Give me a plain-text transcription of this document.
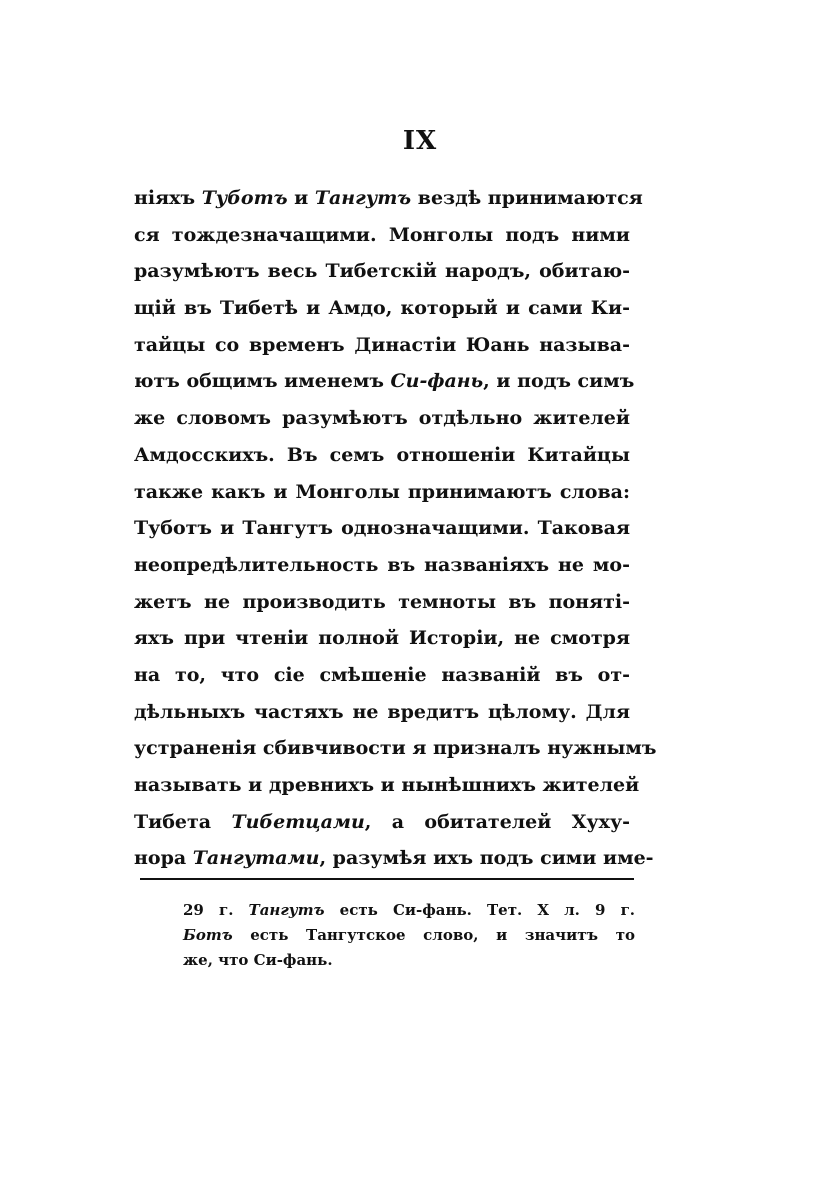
IX
ніяхъ Туботъ и Тангутъ вездѣ принимаются
ся тождезначащими. Монголы подъ ними
разумѣютъ весь Тибетскій народъ, обитаю-
щій въ Тибетѣ и Амдо, который и сами Ки-
тайцы со временъ Династіи Юань называ-
ютъ общимъ именемъ Си-фань, и подъ симъ
же словомъ разумѣютъ отдѣльно жителей
Амдосскихъ. Въ семъ отношеніи Китайцы
также какъ и Монголы принимаютъ слова:
Туботъ и Тангутъ однозначащими. Таковая
неопредѣлительность въ названіяхъ не мо-
жетъ не производить темноты въ поняті-
яхъ при чтеніи полной Исторіи, не смотря
на то, что сіе смѣшеніе названій въ от-
дѣльныхъ частяхъ не вредитъ цѣлому. Для
устраненія сбивчивости я призналъ нужнымъ
называть и древнихъ и нынѣшнихъ жителей
Тибета Тибетцами, а обитателей Хуху-
нора Тангутами, разумѣя ихъ подъ сими име-
29 г. Тангутъ есть Си-фань. Тет. X л. 9 г.
Ботъ есть Тангутское слово, и значитъ то
же, что Си-фань.
